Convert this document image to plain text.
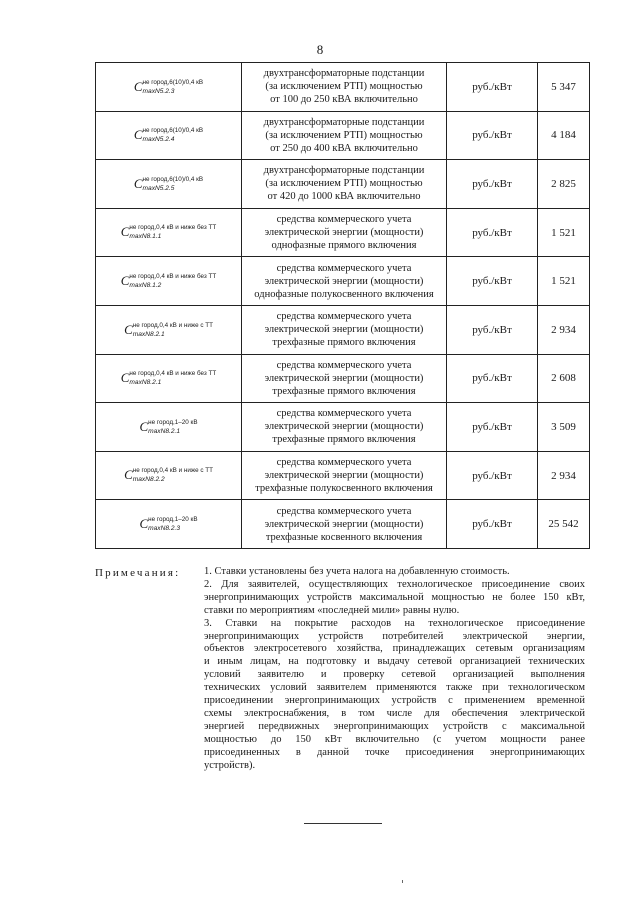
8
C не город,6(10)/0,4 кВ
maxN5.2.3	двухтрансформаторные подстанции
(за исключением РТП) мощностью
от 100 до 250 кВА включительно	руб./кВт	5 347
C не город,6(10)/0,4 кВ
maxN5.2.4	двухтрансформаторные подстанции
(за исключением РТП) мощностью
от 250 до 400 кВА включительно	руб./кВт	4 184
C не город,6(10)/0,4 кВ
maxN5.2.5	двухтрансформаторные подстанции
(за исключением РТП) мощностью
от 420 до 1000 кВА включительно	руб./кВт	2 825
C не город,0,4 кВ и ниже без ТТ
maxN8.1.1	средства коммерческого учета
электрической энергии (мощности)
однофазные прямого включения	руб./кВт	1 521
C не город,0,4 кВ и ниже без ТТ
maxN8.1.2	средства коммерческого учета
электрической энергии (мощности)
однофазные полукосвенного включения	руб./кВт	1 521
C не город,0,4 кВ и ниже с ТТ
maxN8.2.1	средства коммерческого учета
электрической энергии (мощности)
трехфазные прямого включения	руб./кВт	2 934
C не город,0,4 кВ и ниже без ТТ
maxN8.2.1	средства коммерческого учета
электрической энергии (мощности)
трехфазные прямого включения	руб./кВт	2 608
C не город,1–20 кВ
maxN8.2.1	средства коммерческого учета
электрической энергии (мощности)
трехфазные прямого включения	руб./кВт	3 509
C не город,0,4 кВ и ниже с ТТ
maxN8.2.2	средства коммерческого учета
электрической энергии (мощности)
трехфазные полукосвенного включения	руб./кВт	2 934
C не город,1–20 кВ
maxN8.2.3	средства коммерческого учета
электрической энергии (мощности)
трехфазные косвенного включения	руб./кВт	25 542
Примечания: 1. Ставки установлены без учета налога на добавленную стоимость.
2. Для заявителей, осуществляющих технологическое присоединение своих
энергопринимающих устройств максимальной мощностью не более 150 кВт,
ставки по мероприятиям «последней мили» равны нулю.
3. Ставки на покрытие расходов на технологическое присоединение
энергопринимающих устройств потребителей электрической энергии,
объектов электросетевого хозяйства, принадлежащих сетевым организациям
и иным лицам, на подготовку и выдачу сетевой организацией технических
условий заявителю и проверку сетевой организацией выполнения
технических условий заявителем применяются также при технологическом
присоединении энергопринимающих устройств с применением временной
схемы электроснабжения, в том числе для обеспечения электрической
энергией передвижных энергопринимающих устройств с максимальной
мощностью до 150 кВт включительно (с учетом мощности ранее
присоединенных в данной точке присоединения энергопринимающих
устройств).
